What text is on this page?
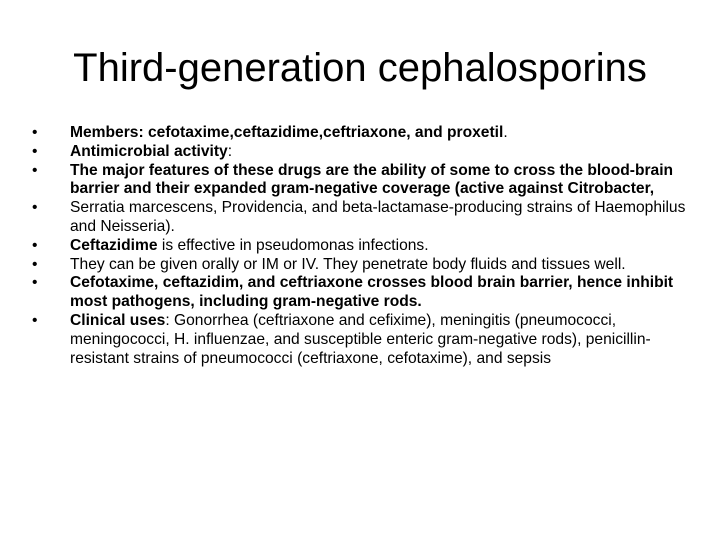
Third-generation cephalosporins
• Members: cefotaxime,ceftazidime,ceftriaxone, and proxetil.
• Antimicrobial activity:
• The major features of these drugs are the ability of some to cross the blood-brain barrier and their expanded gram-negative coverage (active against Citrobacter,
• Serratia marcescens, Providencia, and beta-lactamase-producing strains of Haemophilus and Neisseria).
• Ceftazidime is effective in pseudomonas infections.
• They can be given orally or IM or IV. They penetrate body fluids and tissues well.
• Cefotaxime, ceftazidim, and ceftriaxone crosses blood brain barrier, hence inhibit most pathogens, including gram-negative rods.
• Clinical uses: Gonorrhea (ceftriaxone and cefixime), meningitis (pneumococci, meningococci, H. influenzae, and susceptible enteric gram-negative rods), penicillin-resistant strains of pneumococci (ceftriaxone, cefotaxime), and sepsis
